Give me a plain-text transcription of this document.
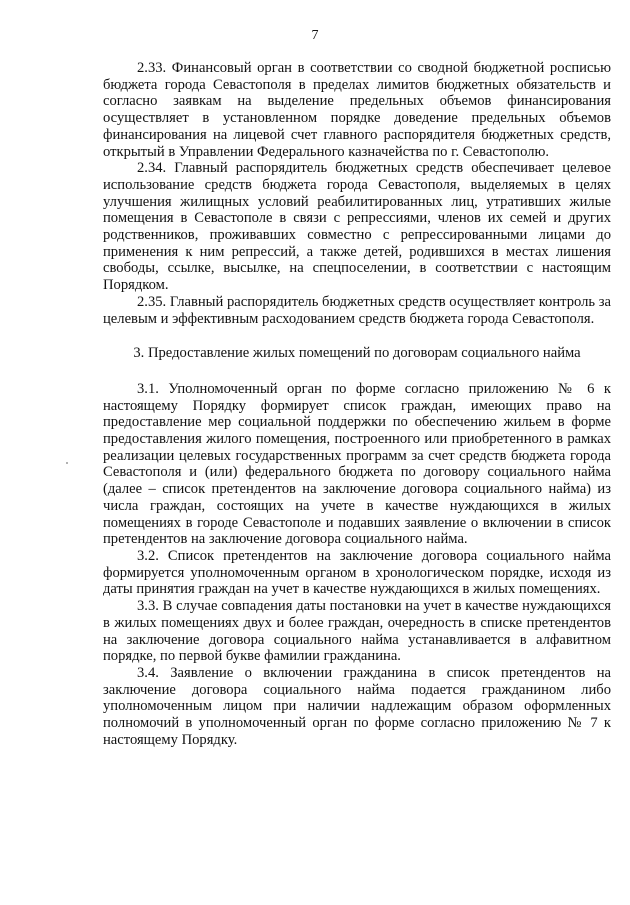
7

2.33. Финансовый орган в соответствии со сводной бюджетной росписью бюджета города Севастополя в пределах лимитов бюджетных обязательств и согласно заявкам на выделение предельных объемов финансирования осуществляет в установленном порядке доведение предельных объемов финансирования на лицевой счет главного распорядителя бюджетных средств, открытый в Управлении Федерального казначейства по г. Севастополю.

2.34. Главный распорядитель бюджетных средств обеспечивает целевое использование средств бюджета города Севастополя, выделяемых в целях улучшения жилищных условий реабилитированных лиц, утративших жилые помещения в Севастополе в связи с репрессиями, членов их семей и других родственников, проживавших совместно с репрессированными лицами до применения к ним репрессий, а также детей, родившихся в местах лишения свободы, ссылке, высылке, на спецпоселении, в соответствии с настоящим Порядком.

2.35. Главный распорядитель бюджетных средств осуществляет контроль за целевым и эффективным расходованием средств бюджета города Севастополя.

3. Предоставление жилых помещений по договорам социального найма

3.1. Уполномоченный орган по форме согласно приложению № 6 к настоящему Порядку формирует список граждан, имеющих право на предоставление мер социальной поддержки по обеспечению жильем в форме предоставления жилого помещения, построенного или приобретенного в рамках реализации целевых государственных программ за счет средств бюджета города Севастополя и (или) федерального бюджета по договору социального найма (далее – список претендентов на заключение договора социального найма) из числа граждан, состоящих на учете в качестве нуждающихся в жилых помещениях в городе Севастополе и подавших заявление о включении в список претендентов на заключение договора социального найма.

3.2. Список претендентов на заключение договора социального найма формируется уполномоченным органом в хронологическом порядке, исходя из даты принятия граждан на учет в качестве нуждающихся в жилых помещениях.

3.3. В случае совпадения даты постановки на учет в качестве нуждающихся в жилых помещениях двух и более граждан, очередность в списке претендентов на заключение договора социального найма устанавливается в алфавитном порядке, по первой букве фамилии гражданина.

3.4. Заявление о включении гражданина в список претендентов на заключение договора социального найма подается гражданином либо уполномоченным лицом при наличии надлежащим образом оформленных полномочий в уполномоченный орган по форме согласно приложению № 7 к настоящему Порядку.
